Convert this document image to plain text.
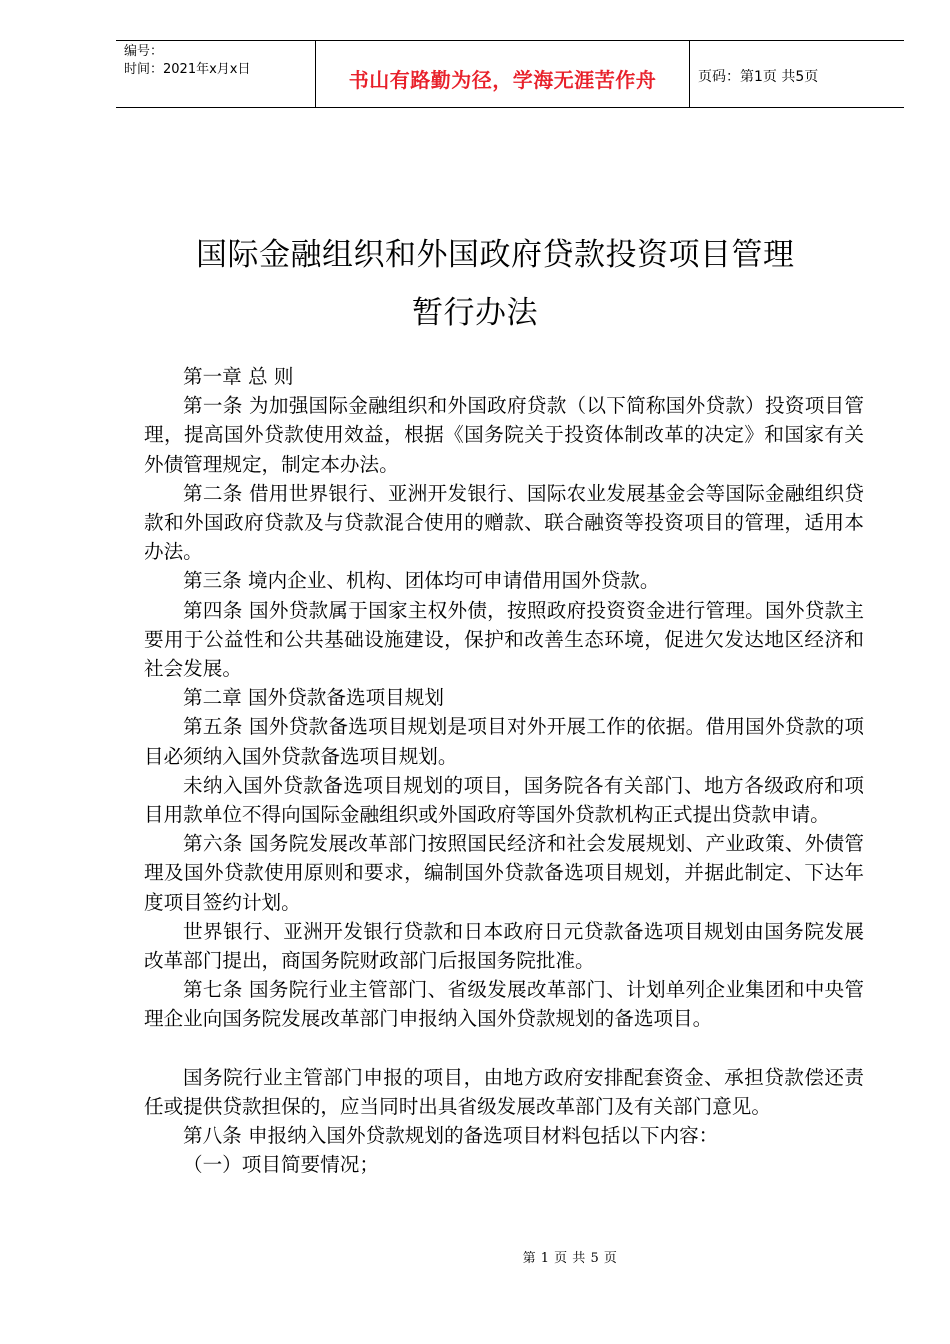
编号：
时间：2021年x月x日	书山有路勤为径，学海无涯苦作舟	页码：第1页 共5页
国际金融组织和外国政府贷款投资项目管理
暂行办法

第一章 总 则

第一条 为加强国际金融组织和外国政府贷款（以下简称国外贷款）投资项目管理，提高国外贷款使用效益，根据《国务院关于投资体制改革的决定》和国家有关外债管理规定，制定本办法。

第二条 借用世界银行、亚洲开发银行、国际农业发展基金会等国际金融组织贷款和外国政府贷款及与贷款混合使用的赠款、联合融资等投资项目的管理，适用本办法。

第三条 境内企业、机构、团体均可申请借用国外贷款。

第四条 国外贷款属于国家主权外债，按照政府投资资金进行管理。国外贷款主要用于公益性和公共基础设施建设，保护和改善生态环境，促进欠发达地区经济和社会发展。

第二章 国外贷款备选项目规划

第五条 国外贷款备选项目规划是项目对外开展工作的依据。借用国外贷款的项目必须纳入国外贷款备选项目规划。

未纳入国外贷款备选项目规划的项目，国务院各有关部门、地方各级政府和项目用款单位不得向国际金融组织或外国政府等国外贷款机构正式提出贷款申请。

第六条 国务院发展改革部门按照国民经济和社会发展规划、产业政策、外债管理及国外贷款使用原则和要求，编制国外贷款备选项目规划，并据此制定、下达年度项目签约计划。

世界银行、亚洲开发银行贷款和日本政府日元贷款备选项目规划由国务院发展改革部门提出，商国务院财政部门后报国务院批准。

第七条 国务院行业主管部门、省级发展改革部门、计划单列企业集团和中央管理企业向国务院发展改革部门申报纳入国外贷款规划的备选项目。

国务院行业主管部门申报的项目，由地方政府安排配套资金、承担贷款偿还责任或提供贷款担保的，应当同时出具省级发展改革部门及有关部门意见。

第八条 申报纳入国外贷款规划的备选项目材料包括以下内容：

（一）项目简要情况；

第 1 页 共 5 页
